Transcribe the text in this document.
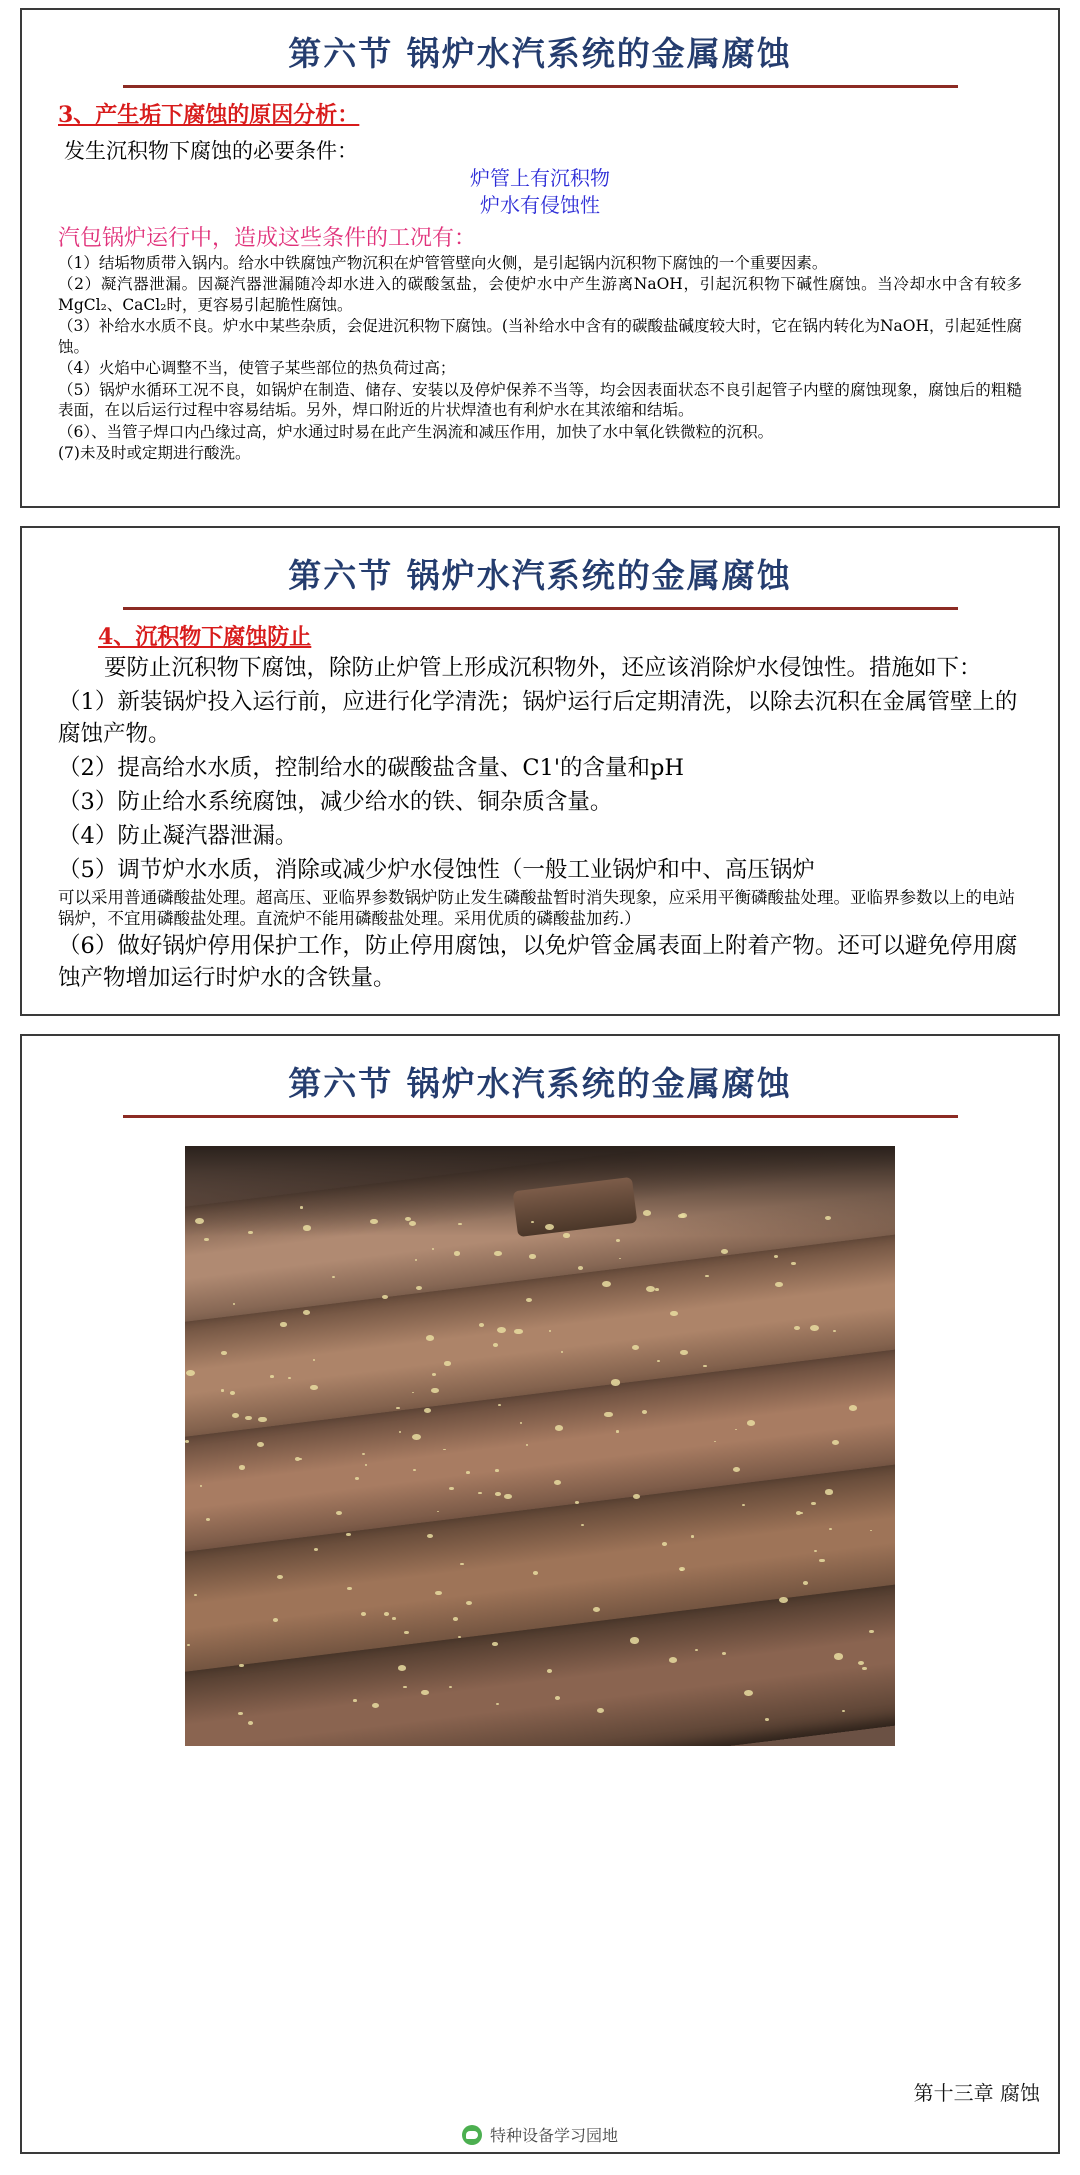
第六节 锅炉水汽系统的金属腐蚀
3、产生垢下腐蚀的原因分析：
发生沉积物下腐蚀的必要条件：
炉管上有沉积物
炉水有侵蚀性
汽包锅炉运行中，造成这些条件的工况有：
（1）结垢物质带入锅内。给水中铁腐蚀产物沉积在炉管管壁向火侧，是引起锅内沉积物下腐蚀的一个重要因素。
（2）凝汽器泄漏。因凝汽器泄漏随冷却水进入的碳酸氢盐，会使炉水中产生游离NaOH，引起沉积物下碱性腐蚀。当冷却水中含有较多MgCl₂、CaCl₂时，更容易引起脆性腐蚀。
（3）补给水水质不良。炉水中某些杂质，会促进沉积物下腐蚀。(当补给水中含有的碳酸盐碱度较大时，它在锅内转化为NaOH，引起延性腐蚀。
（4）火焰中心调整不当，使管子某些部位的热负荷过高；
（5）锅炉水循环工况不良，如锅炉在制造、储存、安装以及停炉保养不当等，均会因表面状态不良引起管子内壁的腐蚀现象，腐蚀后的粗糙表面，在以后运行过程中容易结垢。另外，焊口附近的片状焊渣也有利炉水在其浓缩和结垢。
（6）、当管子焊口内凸缘过高，炉水通过时易在此产生涡流和减压作用，加快了水中氧化铁微粒的沉积。
(7)未及时或定期进行酸洗。
第六节 锅炉水汽系统的金属腐蚀
4、沉积物下腐蚀防止
要防止沉积物下腐蚀，除防止炉管上形成沉积物外，还应该消除炉水侵蚀性。措施如下：
（1）新装锅炉投入运行前，应进行化学清洗；锅炉运行后定期清洗，以除去沉积在金属管壁上的腐蚀产物。
（2）提高给水水质，控制给水的碳酸盐含量、C1'的含量和pH
（3）防止给水系统腐蚀，减少给水的铁、铜杂质含量。
（4）防止凝汽器泄漏。
（5）调节炉水水质，消除或减少炉水侵蚀性（一般工业锅炉和中、高压锅炉
可以采用普通磷酸盐处理。超高压、亚临界参数锅炉防止发生磷酸盐暂时消失现象，应采用平衡磷酸盐处理。亚临界参数以上的电站锅炉，不宜用磷酸盐处理。直流炉不能用磷酸盐处理。采用优质的磷酸盐加药.）
（6）做好锅炉停用保护工作，防止停用腐蚀，以免炉管金属表面上附着产物。还可以避免停用腐蚀产物增加运行时炉水的含铁量。
第六节 锅炉水汽系统的金属腐蚀
第十三章 腐蚀
特种设备学习园地
